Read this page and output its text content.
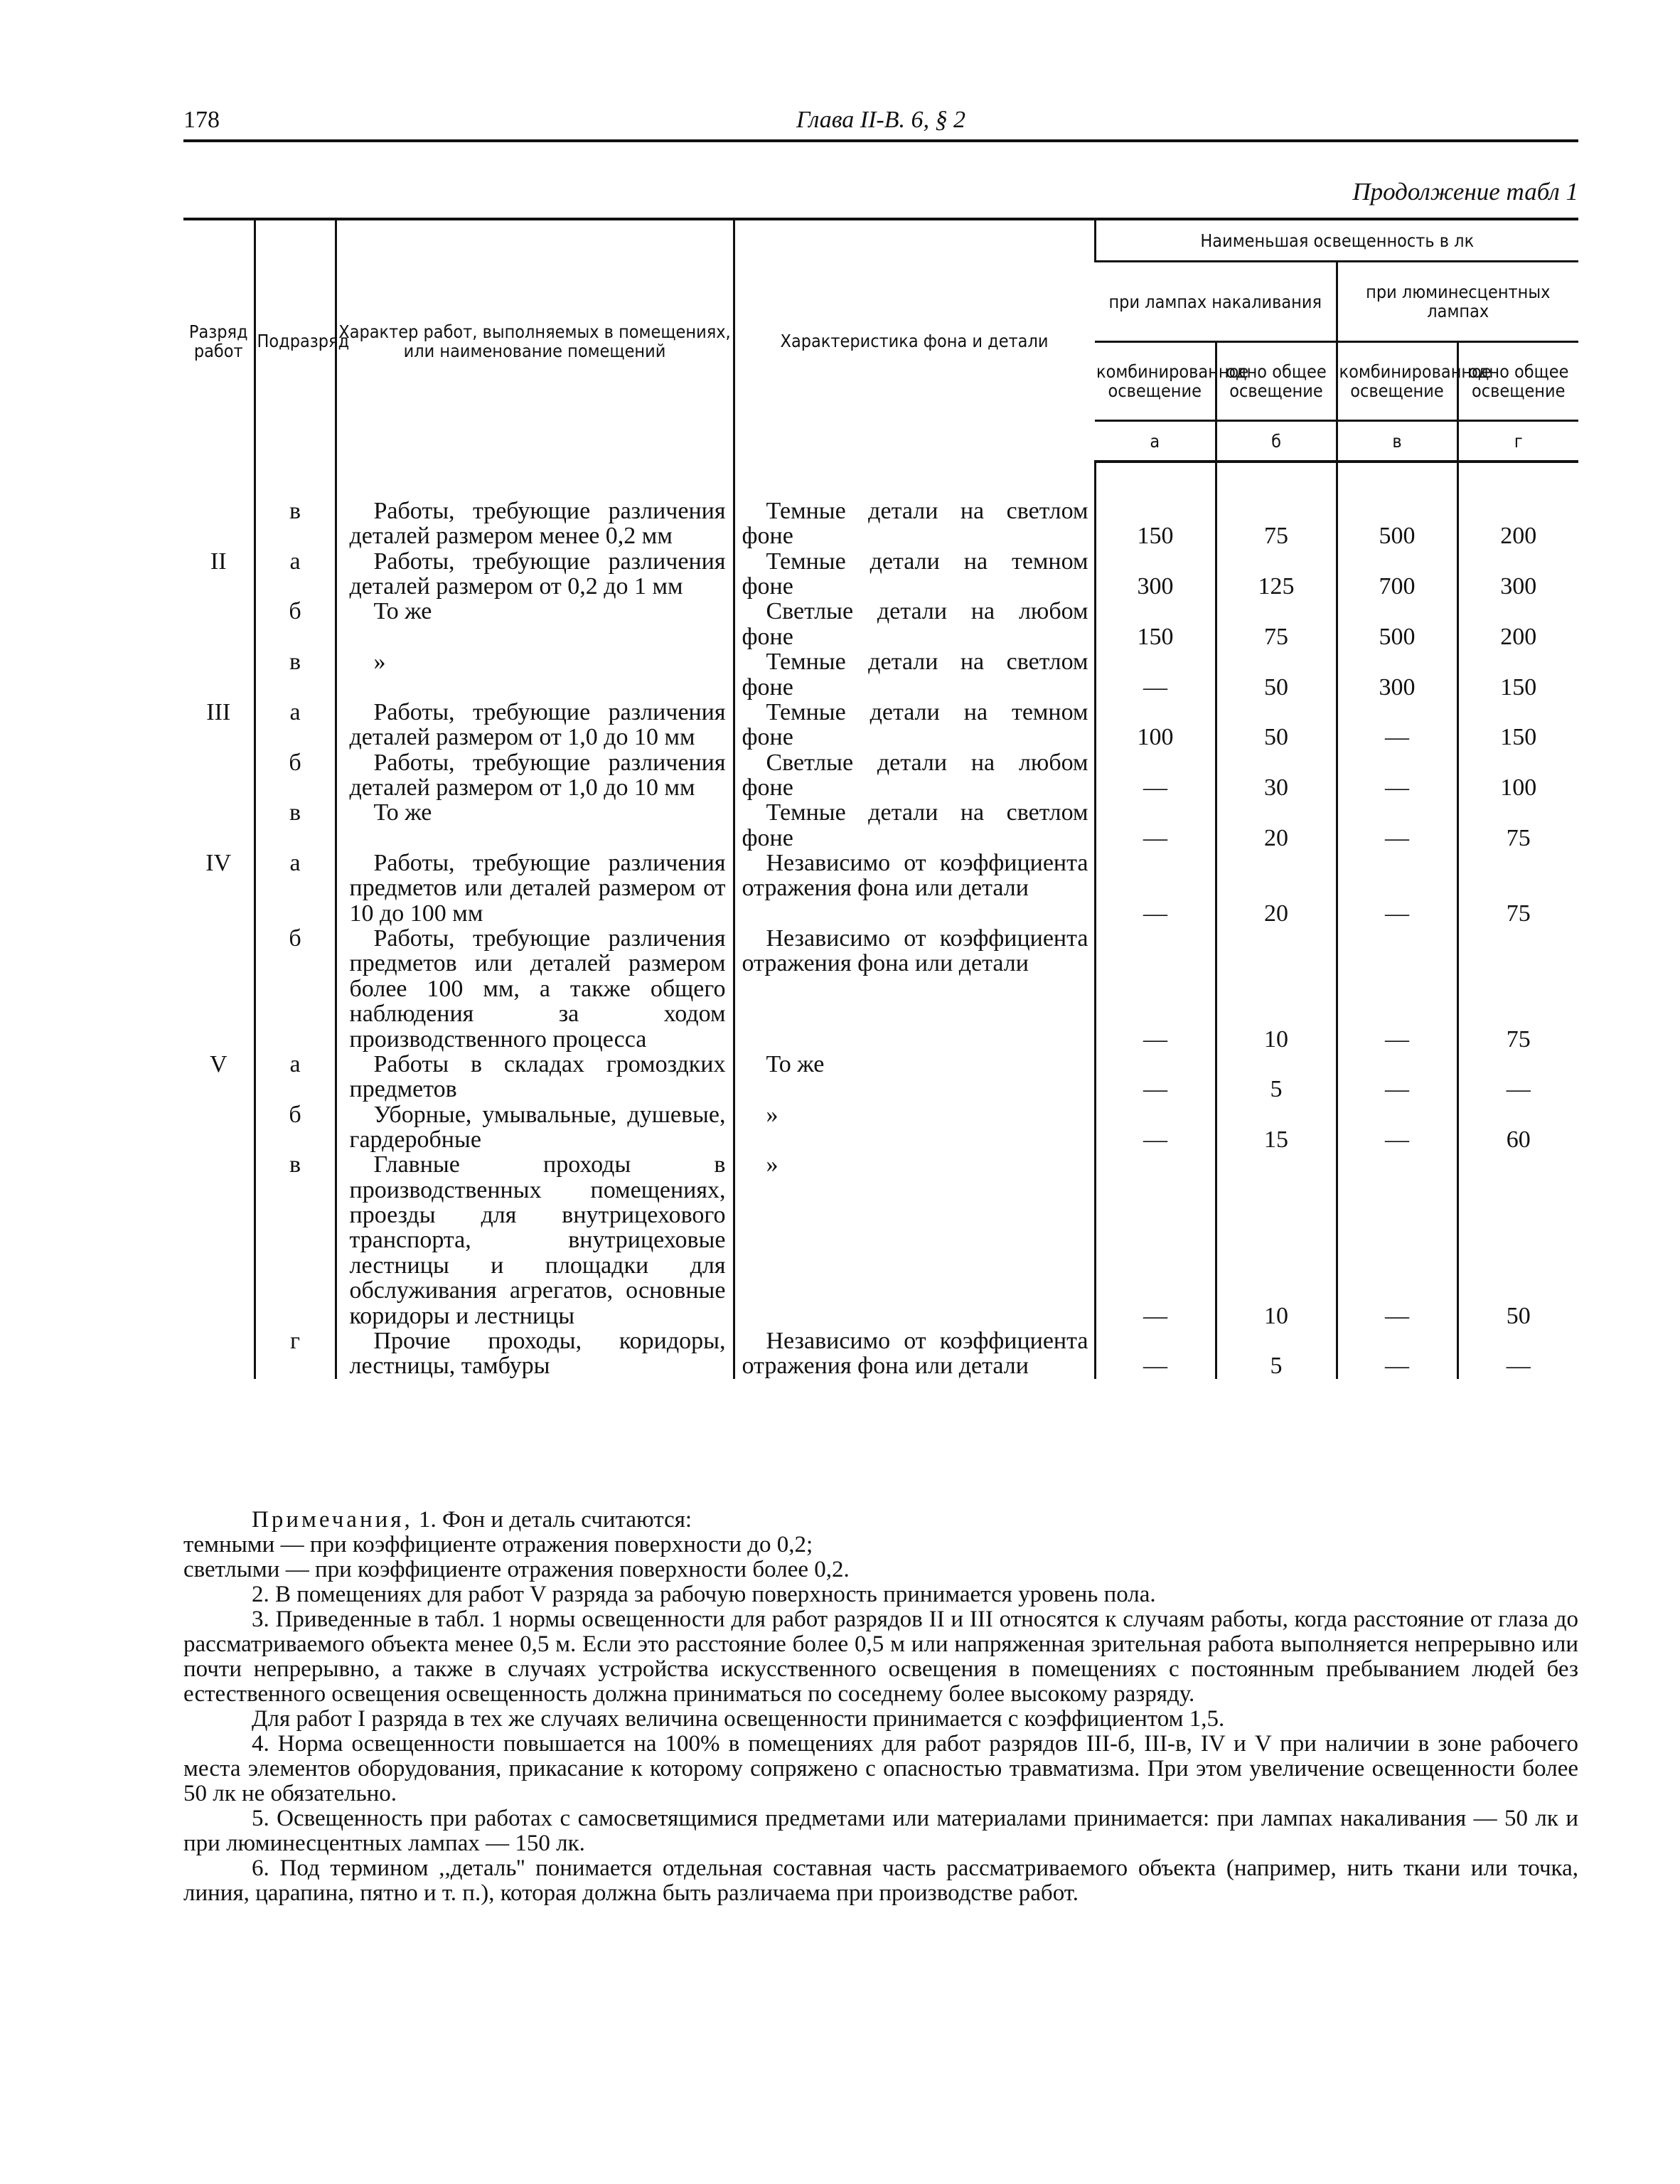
178	Глава II-В. 6, § 2
Продолжение табл 1
Разряд работ	Подразряд	Характер работ, выполняемых в помещениях, или наименование помещений	Характеристика фона и детали	Наименьшая освещенность в лк			
				при лампах накаливания		при люминесцентных лампах	
				комбинированное освещение	одно общее освещение	комбинированное освещение	одно общее освещение
				а	б	в	г
	в	Работы, требующие различения деталей размером менее 0,2 мм	Темные детали на светлом фоне	150	75	500	200
II	а	Работы, требующие различения деталей размером от 0,2 до 1 мм	Темные детали на темном фоне	300	125	700	300
	б	То же	Светлые детали на любом фоне	150	75	500	200
	в	»	Темные детали на светлом фоне	—	50	300	150
III	а	Работы, требующие различения деталей размером от 1,0 до 10 мм	Темные детали на темном фоне	100	50	—	150
	б	Работы, требующие различения деталей размером от 1,0 до 10 мм	Светлые детали на любом фоне	—	30	—	100
	в	То же	Темные детали на светлом фоне	—	20	—	75
IV	а	Работы, требующие различения предметов или деталей размером от 10 до 100 мм	Независимо от коэффициента отражения фона или детали	—	20	—	75
	б	Работы, требующие различения предметов или деталей размером более 100 мм, а также общего наблюдения за ходом производственного процесса	Независимо от коэффициента отражения фона или детали	—	10	—	75
V	а	Работы в складах громоздких предметов	То же	—	5	—	—
	б	Уборные, умывальные, душевые, гардеробные	»	—	15	—	60
	в	Главные проходы в производственных помещениях, проезды для внутрицехового транспорта, внутрицеховые лестницы и площадки для обслуживания агрегатов, основные коридоры и лестницы	»	—	10	—	50
	г	Прочие проходы, коридоры, лестницы, тамбуры	Независимо от коэффициента отражения фона или детали	—	5	—	—

Примечания, 1. Фон и деталь считаются:

темными — при коэффициенте отражения поверхности до 0,2;

светлыми — при коэффициенте отражения поверхности более 0,2.

2. В помещениях для работ V разряда за рабочую поверхность принимается уровень пола.

3. Приведенные в табл. 1 нормы освещенности для работ разрядов II и III относятся к случаям работы, когда расстояние от глаза до рассматриваемого объекта менее 0,5 м. Если это расстояние более 0,5 м или напряженная зрительная работа выполняется непрерывно или почти непрерывно, а также в случаях устройства искусственного освещения в помещениях с постоянным пребыванием людей без естественного освещения освещенность должна приниматься по соседнему более высокому разряду.

Для работ I разряда в тех же случаях величина освещенности принимается с коэффициентом 1,5.

4. Норма освещенности повышается на 100% в помещениях для работ разрядов III-б, III-в, IV и V при наличии в зоне рабочего места элементов оборудования, прикасание к которому сопряжено с опасностью травматизма. При этом увеличение освещенности более 50 лк не обязательно.

5. Освещенность при работах с самосветящимися предметами или материалами принимается: при лампах накаливания — 50 лк и при люминесцентных лампах — 150 лк.

6. Под термином ,,деталь'' понимается отдельная составная часть рассматриваемого объекта (например, нить ткани или точка, линия, царапина, пятно и т. п.), которая должна быть различаема при производстве работ.
